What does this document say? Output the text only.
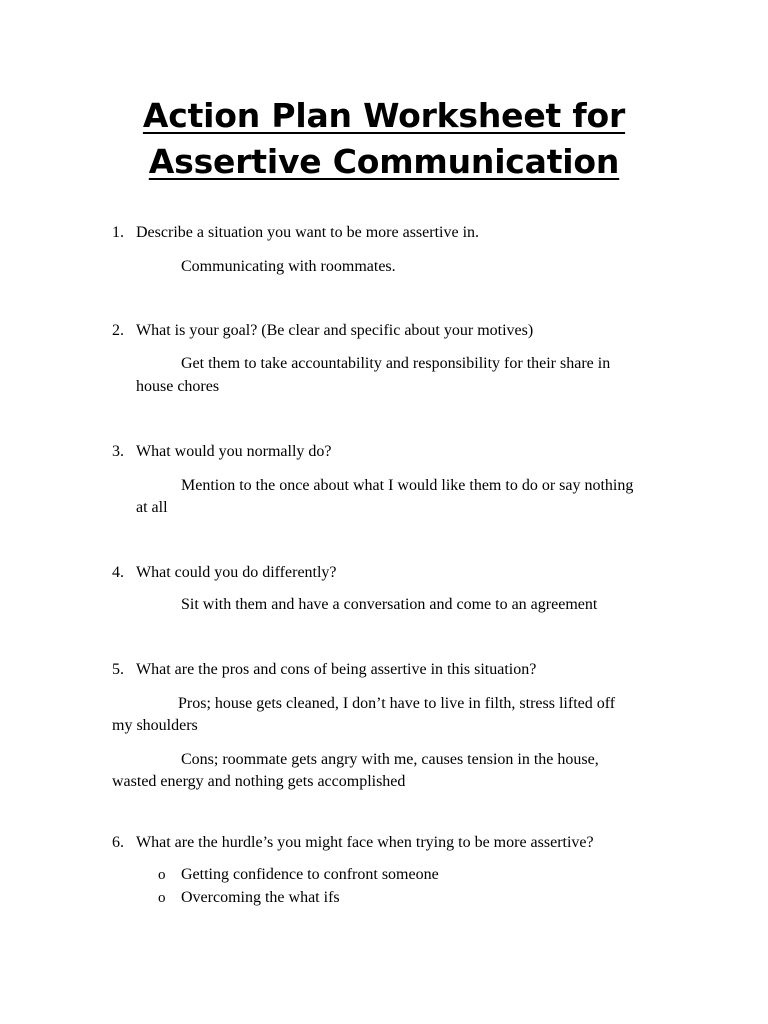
Action Plan Worksheet for
Assertive Communication
1. Describe a situation you want to be more assertive in.
Communicating with roommates.
2. What is your goal? (Be clear and specific about your motives)
Get them to take accountability and responsibility for their share in
house chores
3. What would you normally do?
Mention to the once about what I would like them to do or say nothing
at all
4. What could you do differently?
Sit with them and have a conversation and come to an agreement
5. What are the pros and cons of being assertive in this situation?
Pros; house gets cleaned, I don’t have to live in filth, stress lifted off
my shoulders
Cons; roommate gets angry with me, causes tension in the house,
wasted energy and nothing gets accomplished
6. What are the hurdle’s you might face when trying to be more assertive?
o Getting confidence to confront someone
o Overcoming the what ifs
